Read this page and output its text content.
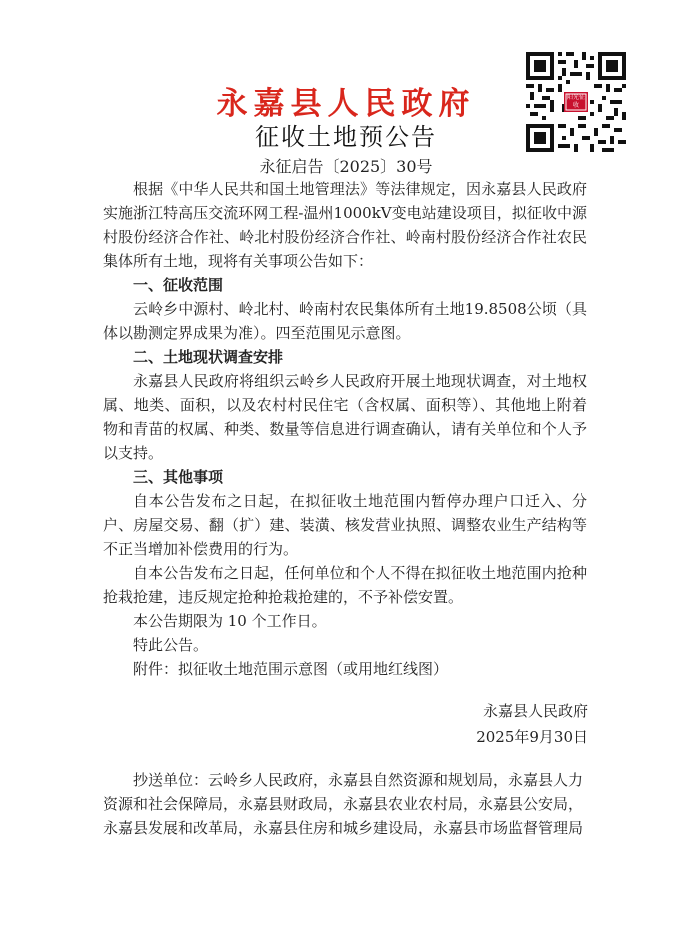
永嘉县人民政府	阳光征收
征收土地预公告
永征启告〔2025〕30号

根据《中华人民共和国土地管理法》等法律规定，因永嘉县人民政府实施浙江特高压交流环网工程-温州1000kV变电站建设项目，拟征收中源村股份经济合作社、岭北村股份经济合作社、岭南村股份经济合作社农民集体所有土地，现将有关事项公告如下：

一、征收范围

云岭乡中源村、岭北村、岭南村农民集体所有土地19.8508公顷（具体以勘测定界成果为准）。四至范围见示意图。

二、土地现状调查安排

永嘉县人民政府将组织云岭乡人民政府开展土地现状调查，对土地权属、地类、面积，以及农村村民住宅（含权属、面积等）、其他地上附着物和青苗的权属、种类、数量等信息进行调查确认，请有关单位和个人予以支持。

三、其他事项

自本公告发布之日起，在拟征收土地范围内暂停办理户口迁入、分户、房屋交易、翻（扩）建、装潢、核发营业执照、调整农业生产结构等不正当增加补偿费用的行为。

自本公告发布之日起，任何单位和个人不得在拟征收土地范围内抢种抢栽抢建，违反规定抢种抢栽抢建的，不予补偿安置。

本公告期限为 10 个工作日。

特此公告。

附件：拟征收土地范围示意图（或用地红线图）

永嘉县人民政府
2025年9月30日
抄送单位：云岭乡人民政府，永嘉县自然资源和规划局，永嘉县人力资源和社会保障局，永嘉县财政局，永嘉县农业农村局，永嘉县公安局，永嘉县发展和改革局，永嘉县住房和城乡建设局，永嘉县市场监督管理局
